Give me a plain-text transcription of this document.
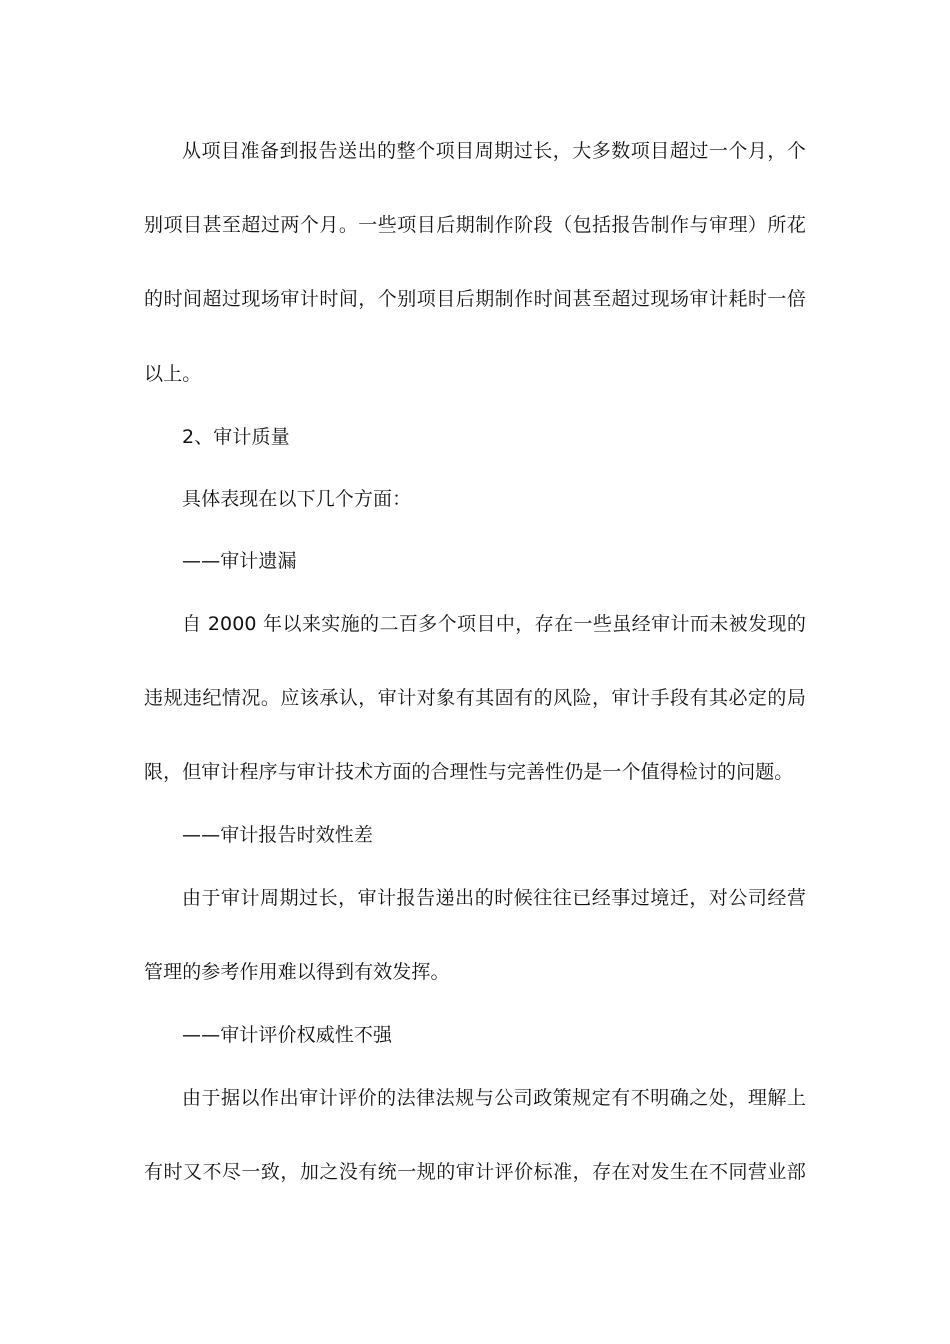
从项目准备到报告送出的整个项目周期过长，大多数项目超过一个月，个
别项目甚至超过两个月。一些项目后期制作阶段（包括报告制作与审理）所花
的时间超过现场审计时间，个别项目后期制作时间甚至超过现场审计耗时一倍
以上。
2、审计质量
具体表现在以下几个方面：
——审计遗漏
自 2000 年以来实施的二百多个项目中，存在一些虽经审计而未被发现的
违规违纪情况。应该承认，审计对象有其固有的风险，审计手段有其必定的局
限，但审计程序与审计技术方面的合理性与完善性仍是一个值得检讨的问题。
——审计报告时效性差
由于审计周期过长，审计报告递出的时候往往已经事过境迁，对公司经营
管理的参考作用难以得到有效发挥。
——审计评价权威性不强
由于据以作出审计评价的法律法规与公司政策规定有不明确之处，理解上
有时又不尽一致，加之没有统一规的审计评价标准，存在对发生在不同营业部
